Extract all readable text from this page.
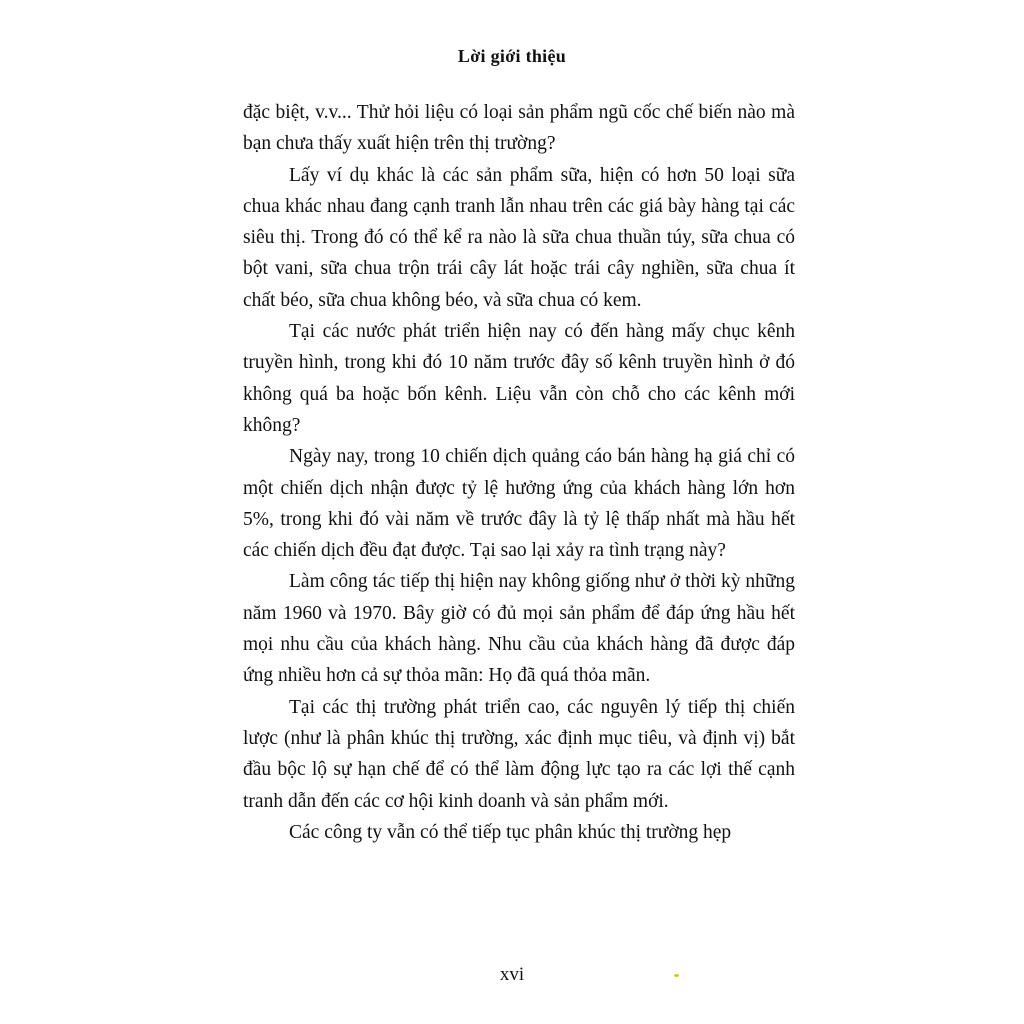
Lời giới thiệu

đặc biệt, v.v... Thử hỏi liệu có loại sản phẩm ngũ cốc chế biến nào mà bạn chưa thấy xuất hiện trên thị trường?

Lấy ví dụ khác là các sản phẩm sữa, hiện có hơn 50 loại sữa chua khác nhau đang cạnh tranh lẫn nhau trên các giá bày hàng tại các siêu thị. Trong đó có thể kể ra nào là sữa chua thuần túy, sữa chua có bột vani, sữa chua trộn trái cây lát hoặc trái cây nghiền, sữa chua ít chất béo, sữa chua không béo, và sữa chua có kem.

Tại các nước phát triển hiện nay có đến hàng mấy chục kênh truyền hình, trong khi đó 10 năm trước đây số kênh truyền hình ở đó không quá ba hoặc bốn kênh. Liệu vẫn còn chỗ cho các kênh mới không?

Ngày nay, trong 10 chiến dịch quảng cáo bán hàng hạ giá chỉ có một chiến dịch nhận được tỷ lệ hưởng ứng của khách hàng lớn hơn 5%, trong khi đó vài năm về trước đây là tỷ lệ thấp nhất mà hầu hết các chiến dịch đều đạt được. Tại sao lại xảy ra tình trạng này?

Làm công tác tiếp thị hiện nay không giống như ở thời kỳ những năm 1960 và 1970. Bây giờ có đủ mọi sản phẩm để đáp ứng hầu hết mọi nhu cầu của khách hàng. Nhu cầu của khách hàng đã được đáp ứng nhiều hơn cả sự thỏa mãn: Họ đã quá thỏa mãn.

Tại các thị trường phát triển cao, các nguyên lý tiếp thị chiến lược (như là phân khúc thị trường, xác định mục tiêu, và định vị) bắt đầu bộc lộ sự hạn chế để có thể làm động lực tạo ra các lợi thế cạnh tranh dẫn đến các cơ hội kinh doanh và sản phẩm mới.

Các công ty vẫn có thể tiếp tục phân khúc thị trường hẹp

xvi
